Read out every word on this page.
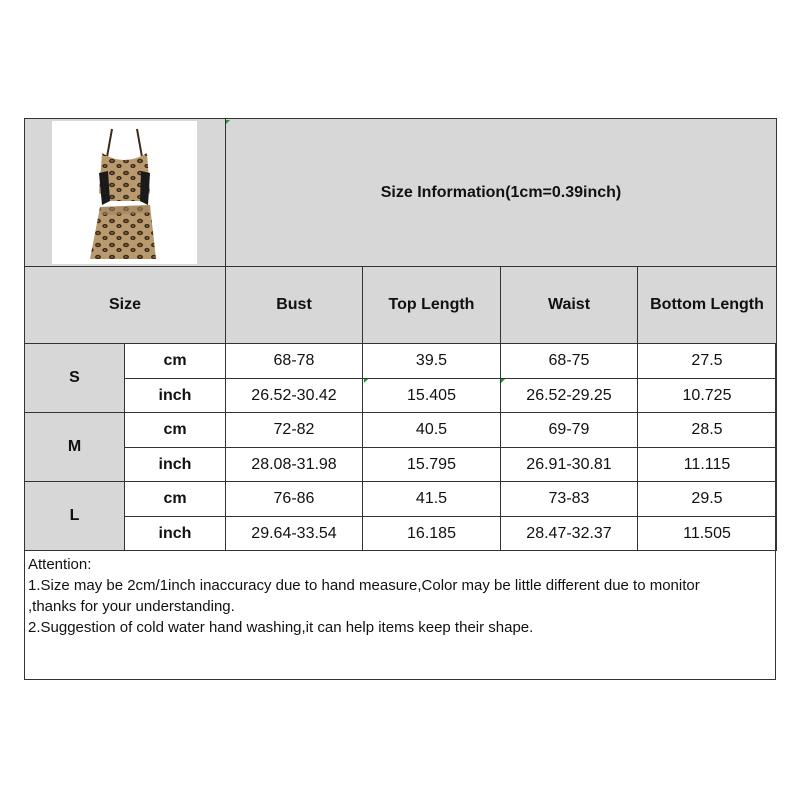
	Size Information(1cm=0.39inch)			
Size		Bust	Top Length	Waist	Bottom Length
S	cm	68-78	39.5	68-75	27.5
	inch	26.52-30.42	15.405	26.52-29.25	10.725
M	cm	72-82	40.5	69-79	28.5
	inch	28.08-31.98	15.795	26.91-30.81	11.115
L	cm	76-86	41.5	73-83	29.5
	inch	29.64-33.54	16.185	28.47-32.37	11.505
Attention:
1.Size may be 2cm/1inch inaccuracy due to hand measure,Color may be little different due to monitor
,thanks for your understanding.
2.Suggestion of cold water hand washing,it can help items keep their shape.
